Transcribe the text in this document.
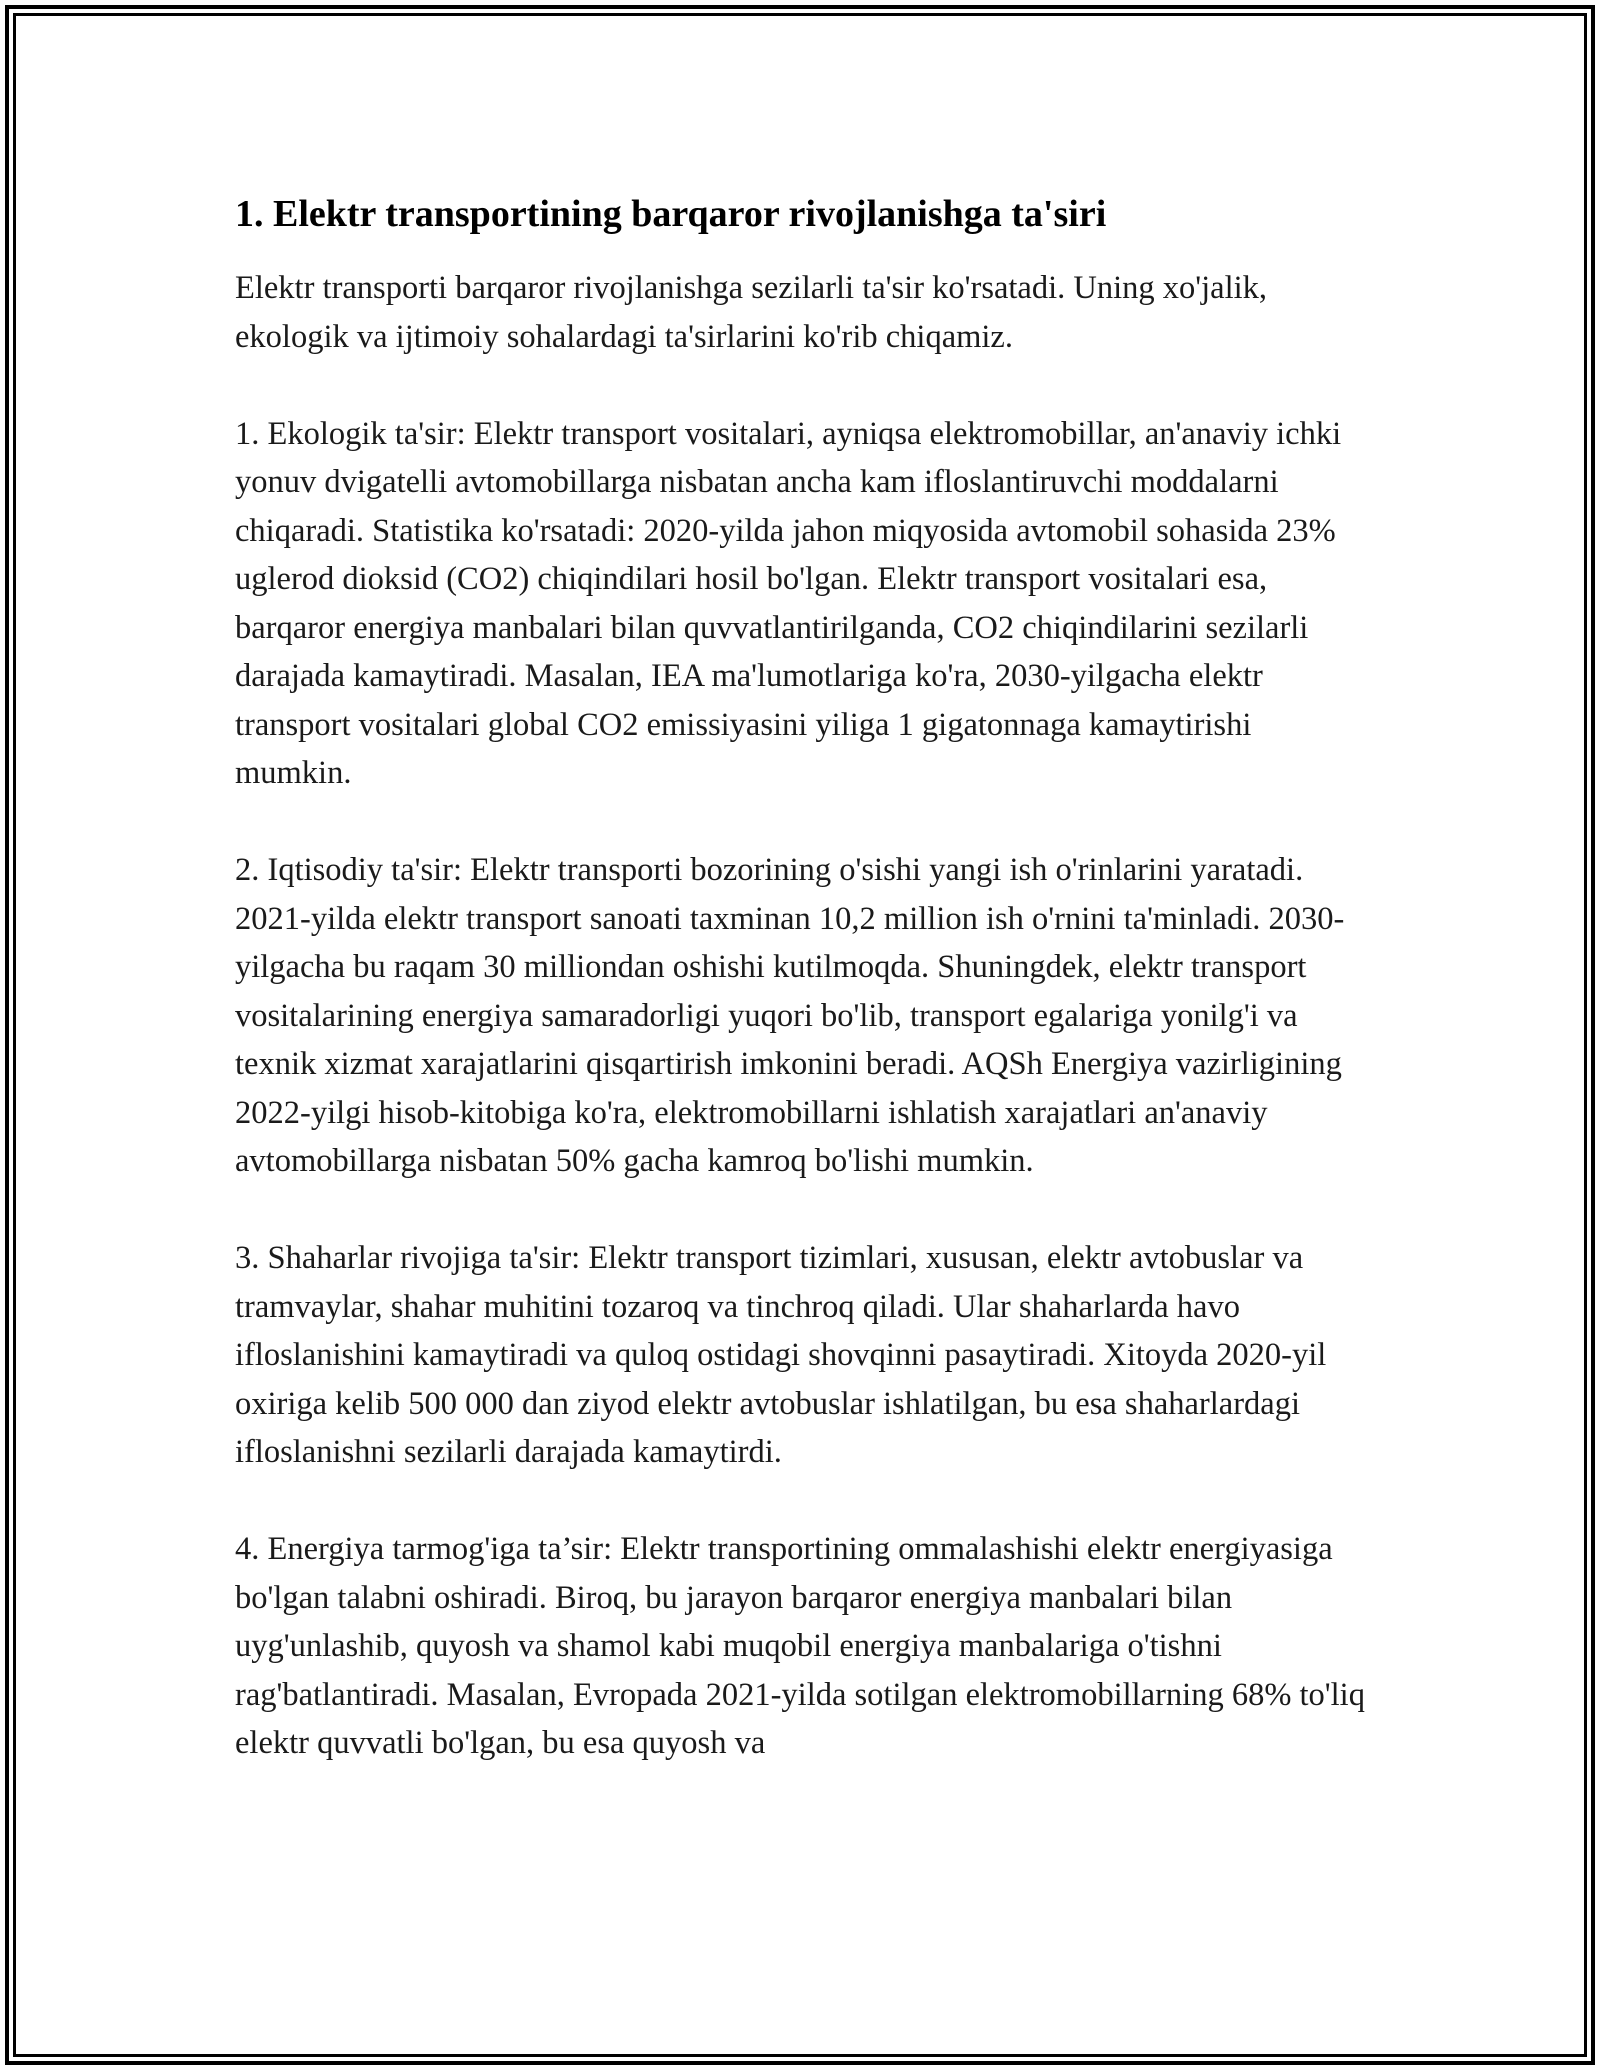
1. Elektr transportining barqaror rivojlanishga ta'siri

Elektr transporti barqaror rivojlanishga sezilarli ta'sir ko'rsatadi. Uning xo'jalik, ekologik va ijtimoiy sohalardagi ta'sirlarini ko'rib chiqamiz.

1. Ekologik ta'sir: Elektr transport vositalari, ayniqsa elektromobillar, an'anaviy ichki yonuv dvigatelli avtomobillarga nisbatan ancha kam ifloslantiruvchi moddalarni chiqaradi. Statistika ko'rsatadi: 2020-yilda jahon miqyosida avtomobil sohasida 23% uglerod dioksid (CO2) chiqindilari hosil bo'lgan. Elektr transport vositalari esa, barqaror energiya manbalari bilan quvvatlantirilganda, CO2 chiqindilarini sezilarli darajada kamaytiradi. Masalan, IEA ma'lumotlariga ko'ra, 2030-yilgacha elektr transport vositalari global CO2 emissiyasini yiliga 1 gigatonnaga kamaytirishi mumkin.

2. Iqtisodiy ta'sir: Elektr transporti bozorining o'sishi yangi ish o'rinlarini yaratadi. 2021-yilda elektr transport sanoati taxminan 10,2 million ish o'rnini ta'minladi. 2030-yilgacha bu raqam 30 milliondan oshishi kutilmoqda. Shuningdek, elektr transport vositalarining energiya samaradorligi yuqori bo'lib, transport egalariga yonilg'i va texnik xizmat xarajatlarini qisqartirish imkonini beradi. AQSh Energiya vazirligining 2022-yilgi hisob-kitobiga ko'ra, elektromobillarni ishlatish xarajatlari an'anaviy avtomobillarga nisbatan 50% gacha kamroq bo'lishi mumkin.

3. Shaharlar rivojiga ta'sir: Elektr transport tizimlari, xususan, elektr avtobuslar va tramvaylar, shahar muhitini tozaroq va tinchroq qiladi. Ular shaharlarda havo ifloslanishini kamaytiradi va quloq ostidagi shovqinni pasaytiradi. Xitoyda 2020-yil oxiriga kelib 500 000 dan ziyod elektr avtobuslar ishlatilgan, bu esa shaharlardagi ifloslanishni sezilarli darajada kamaytirdi.

4. Energiya tarmog'iga ta’sir: Elektr transportining ommalashishi elektr energiyasiga bo'lgan talabni oshiradi. Biroq, bu jarayon barqaror energiya manbalari bilan uyg'unlashib, quyosh va shamol kabi muqobil energiya manbalariga o'tishni rag'batlantiradi. Masalan, Evropada 2021-yilda sotilgan elektromobillarning 68% to'liq elektr quvvatli bo'lgan, bu esa quyosh va
